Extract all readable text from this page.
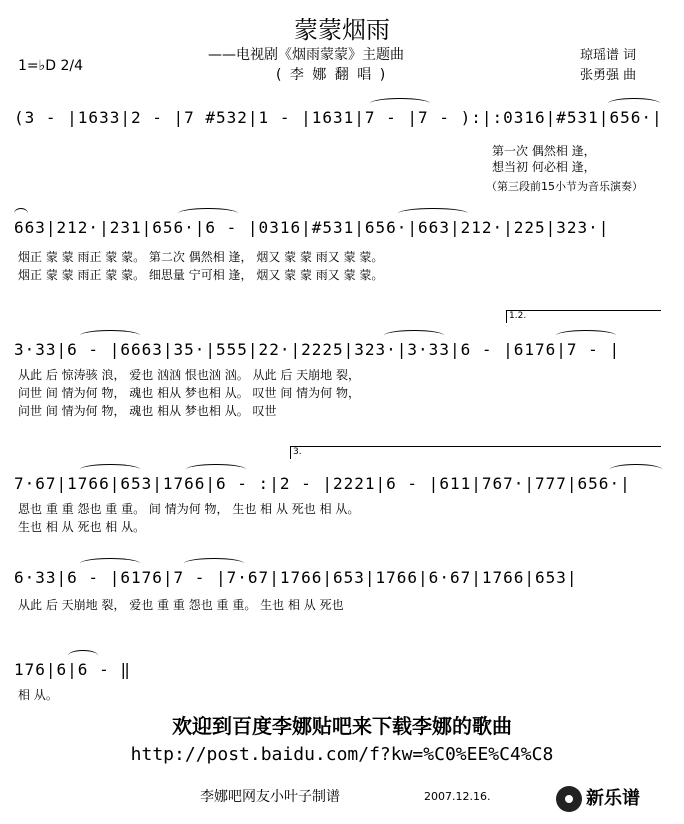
蒙蒙烟雨
——电视剧《烟雨蒙蒙》主题曲
( 李 娜 翻 唱 )
1=♭D 2/4
琼瑶谱 词
张勇强 曲
(3 - |1633|2 - |7 #532|1 - |1631|7 - |7 - ):|:0316|#531|656·|
第一次 偶然相 逢，
想当初 何必相 逢，
（第三段前15小节为音乐演奏）
663|212·|231|656·|6 - |0316|#531|656·|663|212·|225|323·|
烟正 蒙 蒙 雨正 蒙 蒙。 第二次 偶然相 逢， 烟又 蒙 蒙 雨又 蒙 蒙。
烟正 蒙 蒙 雨正 蒙 蒙。 细思量 宁可相 逢， 烟又 蒙 蒙 雨又 蒙 蒙。
1.2.
3·33|6 - |6663|35·|555|22·|2225|323·|3·33|6 - |6176|7 - |
从此 后 惊涛骇 浪， 爱也 汹汹 恨也汹 汹。 从此 后 天崩地 裂，
问世 间 情为何 物， 魂也 相从 梦也相 从。 叹世 间 情为何 物，
问世 间 情为何 物， 魂也 相从 梦也相 从。 叹世
3.
7·67|1766|653|1766|6 - :|2 - |2221|6 - |611|767·|777|656·|
恩也 重 重 怨也 重 重。 间 情为何 物， 生也 相 从 死也 相 从。
生也 相 从 死也 相 从。
6·33|6 - |6176|7 - |7·67|1766|653|1766|6·67|1766|653|
从此 后 天崩地 裂， 爱也 重 重 怨也 重 重。 生也 相 从 死也
176|6|6 - ‖
相 从。
欢迎到百度李娜贴吧来下载李娜的歌曲
http://post.baidu.com/f?kw=%C0%EE%C4%C8
李娜吧网友小叶子制谱	2007.12.16.	新乐谱
